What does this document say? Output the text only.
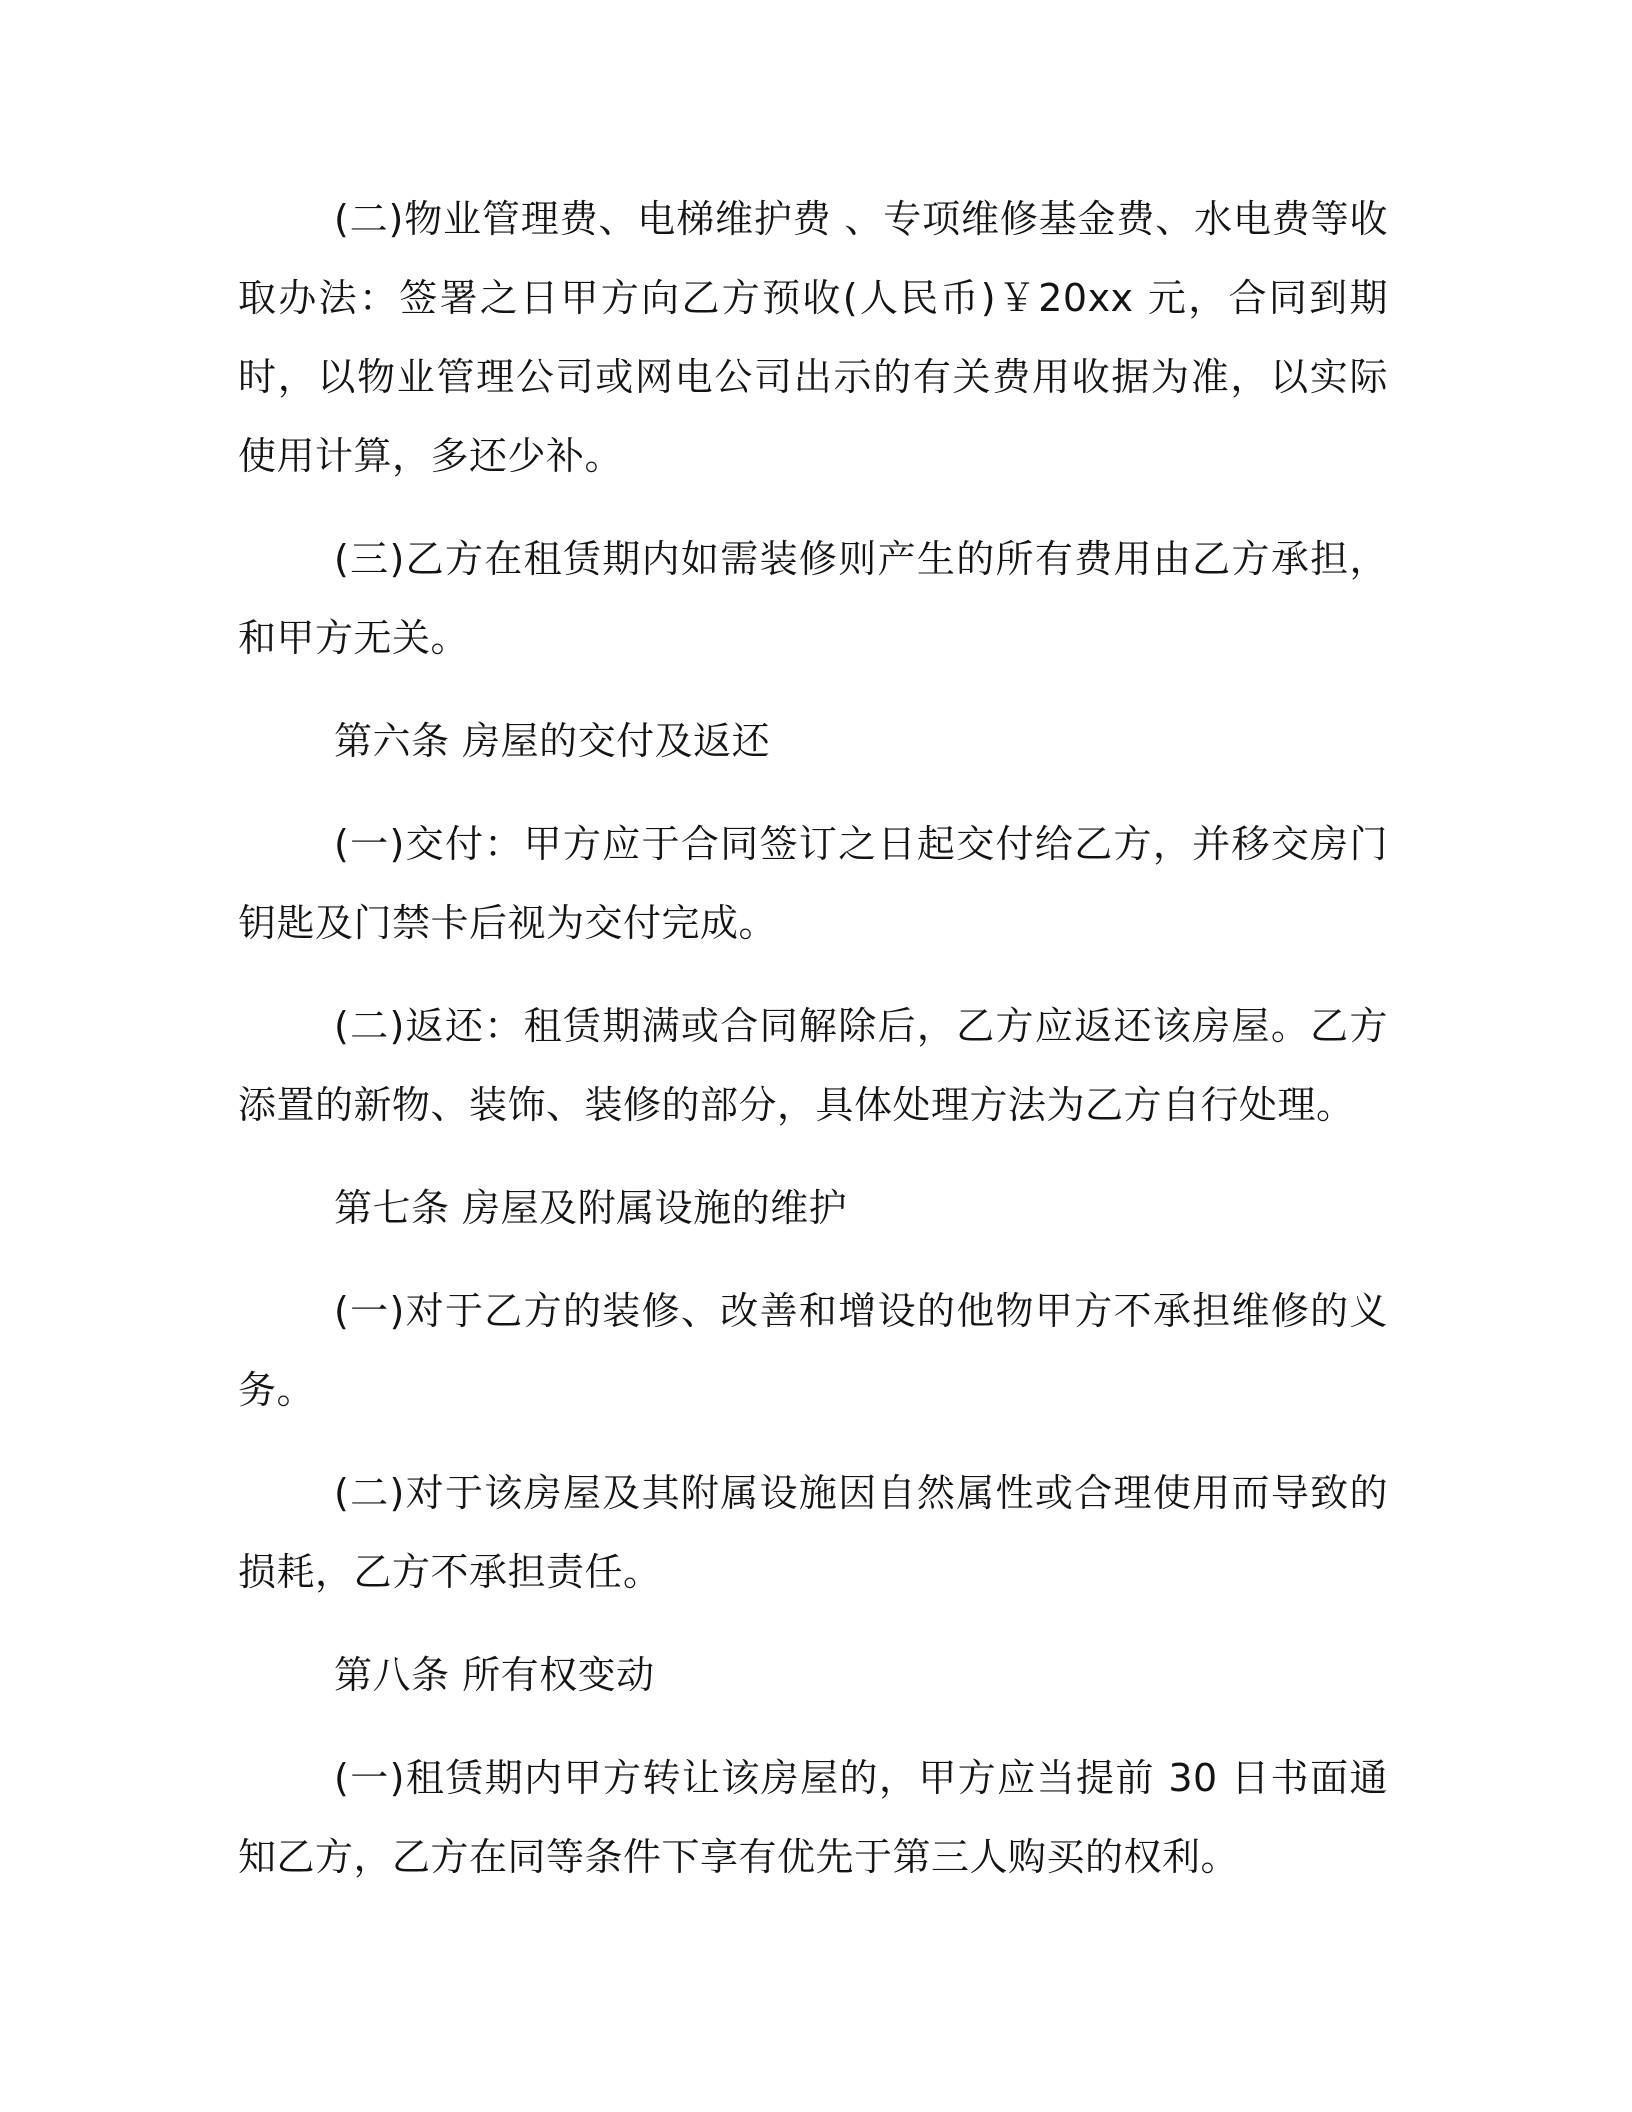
(二)物业管理费、电梯维护费 、专项维修基金费、水电费等收取办法：签署之日甲方向乙方预收(人民币)￥20xx 元，合同到期时，以物业管理公司或网电公司出示的有关费用收据为准，以实际使用计算，多还少补。

(三)乙方在租赁期内如需装修则产生的所有费用由乙方承担，和甲方无关。

第六条 房屋的交付及返还

(一)交付：甲方应于合同签订之日起交付给乙方，并移交房门钥匙及门禁卡后视为交付完成。

(二)返还：租赁期满或合同解除后，乙方应返还该房屋。乙方添置的新物、装饰、装修的部分，具体处理方法为乙方自行处理。

第七条 房屋及附属设施的维护

(一)对于乙方的装修、改善和增设的他物甲方不承担维修的义务。

(二)对于该房屋及其附属设施因自然属性或合理使用而导致的损耗，乙方不承担责任。

第八条 所有权变动

(一)租赁期内甲方转让该房屋的，甲方应当提前 30 日书面通知乙方，乙方在同等条件下享有优先于第三人购买的权利。
